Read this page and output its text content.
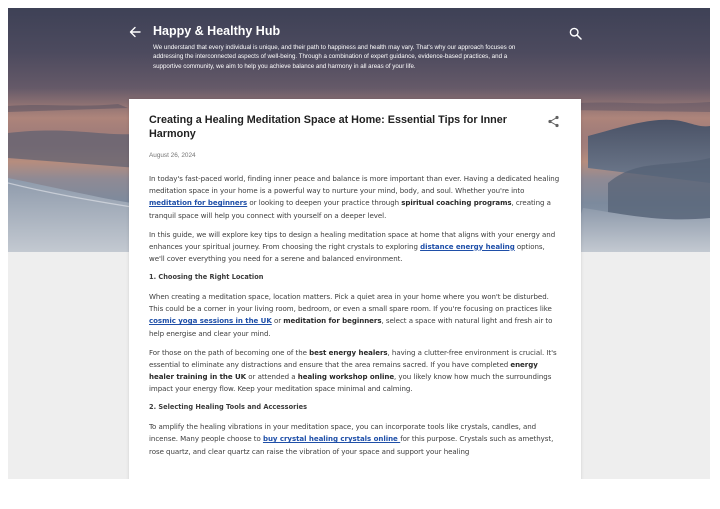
Happy & Healthy Hub
We understand that every individual is unique, and their path to happiness and health may vary. That's why our approach focuses on addressing the interconnected aspects of well-being. Through a combination of expert guidance, evidence-based practices, and a supportive community, we aim to help you achieve balance and harmony in all areas of your life.
Creating a Healing Meditation Space at Home: Essential Tips for Inner Harmony
August 26, 2024

In today's fast-paced world, finding inner peace and balance is more important than ever. Having a dedicated healing meditation space in your home is a powerful way to nurture your mind, body, and soul. Whether you're into meditation for beginners or looking to deepen your practice through spiritual coaching programs, creating a tranquil space will help you connect with yourself on a deeper level.

In this guide, we will explore key tips to design a healing meditation space at home that aligns with your energy and enhances your spiritual journey. From choosing the right crystals to exploring distance energy healing options, we'll cover everything you need for a serene and balanced environment.

1. Choosing the Right Location

When creating a meditation space, location matters. Pick a quiet area in your home where you won't be disturbed. This could be a corner in your living room, bedroom, or even a small spare room. If you're focusing on practices like cosmic yoga sessions in the UK or meditation for beginners, select a space with natural light and fresh air to help energise and clear your mind.

For those on the path of becoming one of the best energy healers, having a clutter-free environment is crucial. It's essential to eliminate any distractions and ensure that the area remains sacred. If you have completed energy healer training in the UK or attended a healing workshop online, you likely know how much the surroundings impact your energy flow. Keep your meditation space minimal and calming.

2. Selecting Healing Tools and Accessories

To amplify the healing vibrations in your meditation space, you can incorporate tools like crystals, candles, and incense. Many people choose to buy crystal healing crystals online for this purpose. Crystals such as amethyst, rose quartz, and clear quartz can raise the vibration of your space and support your healing
